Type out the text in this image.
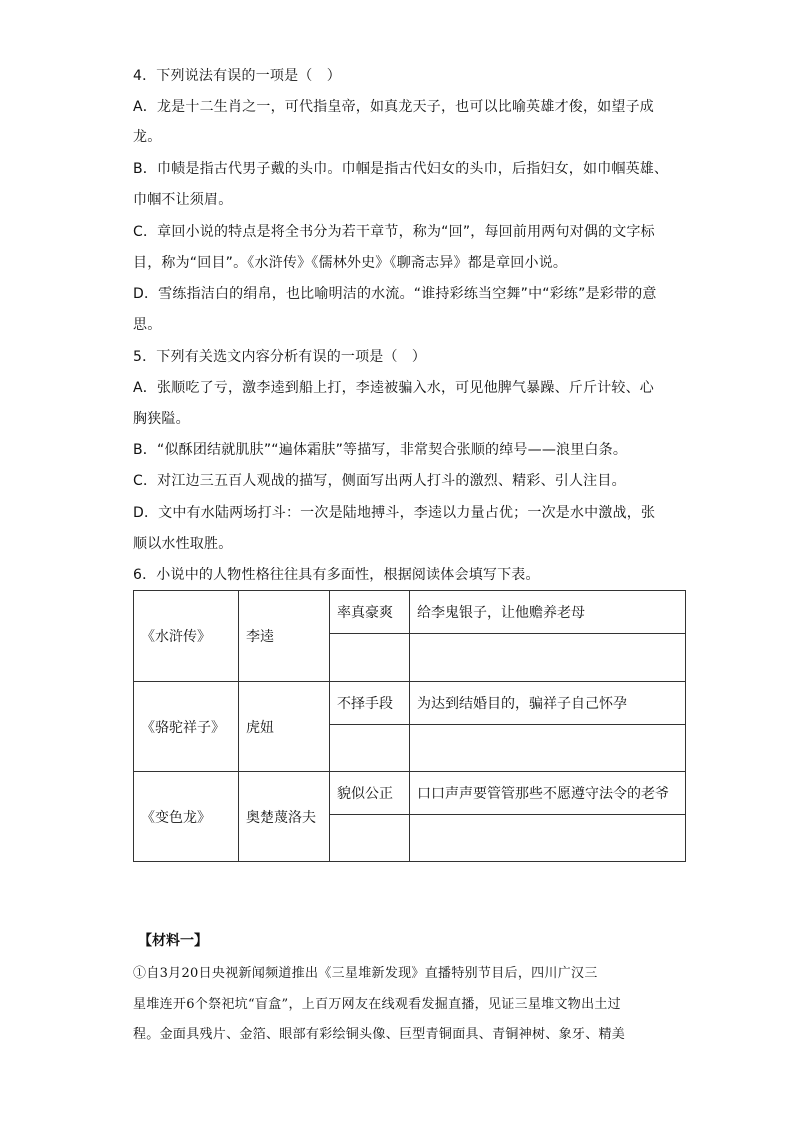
4．下列说法有误的一项是（　）
A．龙是十二生肖之一，可代指皇帝，如真龙天子，也可以比喻英雄才俊，如望子成
龙。
B．巾帻是指古代男子戴的头巾。巾帼是指古代妇女的头巾，后指妇女，如巾帼英雄、
巾帼不让须眉。
C．章回小说的特点是将全书分为若干章节，称为“回”，每回前用两句对偶的文字标
目，称为“回目”。《水浒传》《儒林外史》《聊斋志异》都是章回小说。
D．雪练指洁白的绢帛，也比喻明洁的水流。“谁持彩练当空舞”中“彩练”是彩带的意
思。
5．下列有关选文内容分析有误的一项是（　）
A．张顺吃了亏，激李逵到船上打，李逵被骗入水，可见他脾气暴躁、斤斤计较、心
胸狭隘。
B．“似酥团结就肌肤”“遍体霜肤”等描写，非常契合张顺的绰号——浪里白条。
C．对江边三五百人观战的描写，侧面写出两人打斗的激烈、精彩、引人注目。
D．文中有水陆两场打斗：一次是陆地搏斗，李逵以力量占优；一次是水中激战，张
顺以水性取胜。
6．小说中的人物性格往往具有多面性，根据阅读体会填写下表。
《水浒传》	李逵	率真豪爽	给李鬼银子，让他赡养老母

《骆驼祥子》	虎妞	不择手段	为达到结婚目的，骗祥子自己怀孕

《变色龙》	奥楚蔑洛夫	貌似公正	口口声声要管管那些不愿遵守法令的老爷

【材料一】
①自3月20日央视新闻频道推出《三星堆新发现》直播特别节目后，四川广汉三
星堆连开6个祭祀坑“盲盒”，上百万网友在线观看发掘直播，见证三星堆文物出土过
程。金面具残片、金箔、眼部有彩绘铜头像、巨型青铜面具、青铜神树、象牙、精美
